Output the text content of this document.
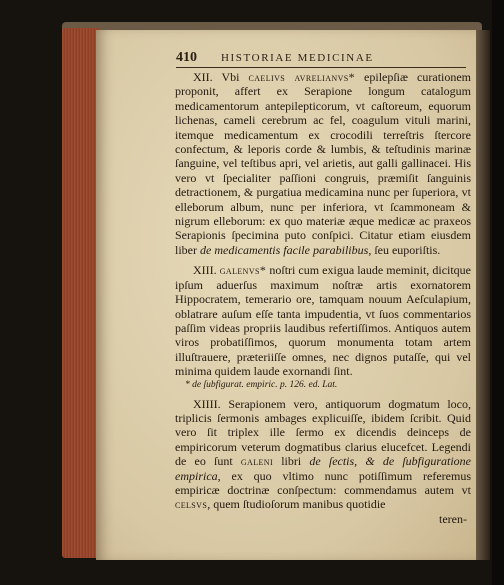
410 HISTORIAE MEDICINAE

XII. Vbi caelivs avrelianvs* epilepſiæ curationem proponit, affert ex Serapione longum catalogum medicamentorum antepilepticorum, vt caſtoreum, equorum lichenas, cameli cerebrum ac fel, coagulum vituli marini, itemque medicamentum ex crocodili terreſtris ſtercore confectum, & leporis corde & lumbis, & teſtudinis marinæ ſanguine, vel teſtibus apri, vel arietis, aut galli gallinacei. His vero vt ſpecialiter paſſioni congruis, præmiſit ſanguinis detractionem, & purgatiua medicamina nunc per ſuperiora, vt elleborum album, nunc per inferiora, vt ſcammoneam & nigrum elleborum: ex quo materiæ æque medicæ ac praxeos Serapionis ſpecimina puto conſpici. Citatur etiam eiusdem liber de medicamentis facile parabilibus, ſeu euporiſtis.

XIII. galenvs* noſtri cum exigua laude meminit, dicitque ipſum aduerſus maximum noſtræ artis exornatorem Hippocratem, temerario ore, tamquam nouum Aeſculapium, oblatrare auſum eſſe tanta impudentia, vt ſuos commentarios paſſim videas propriis laudibus refertiſſimos. Antiquos autem viros probatiſſimos, quorum monumenta totam artem illuſtrauere, præteriiſſe omnes, nec dignos putaſſe, qui vel minima quidem laude exornandi ſint.

* de ſubfigurat. empiric. p. 126. ed. Lat.

XIIII. Serapionem vero, antiquorum dogmatum loco, triplicis ſermonis ambages explicuiſſe, ibidem ſcribit. Quid vero ſit triplex ille ſermo ex dicendis deinceps de empiricorum veterum dogmatibus clarius elucefcet. Legendi de eo ſunt galeni libri de ſectis, & de ſubfiguratione empirica, ex quo vltimo nunc potiſſimum referemus empiricæ doctrinæ conſpectum: commendamus autem vt celsvs, quem ſtudioſorum manibus quotidie

teren-
